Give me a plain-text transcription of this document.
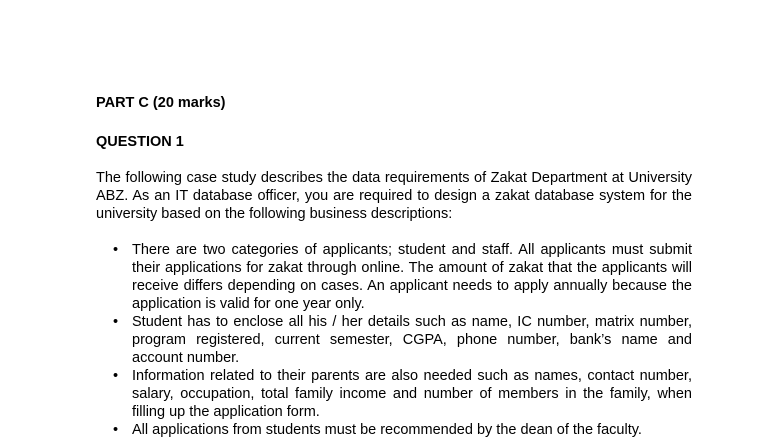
PART C (20 marks)

QUESTION 1

The following case study describes the data requirements of Zakat Department at University ABZ. As an IT database officer, you are required to design a zakat database system for the university based on the following business descriptions:

• There are two categories of applicants; student and staff. All applicants must submit their applications for zakat through online. The amount of zakat that the applicants will receive differs depending on cases. An applicant needs to apply annually because the application is valid for one year only.
• Student has to enclose all his / her details such as name, IC number, matrix number, program registered, current semester, CGPA, phone number, bank’s name and account number.
• Information related to their parents are also needed such as names, contact number, salary, occupation, total family income and number of members in the family, when filling up the application form.
• All applications from students must be recommended by the dean of the faculty.
